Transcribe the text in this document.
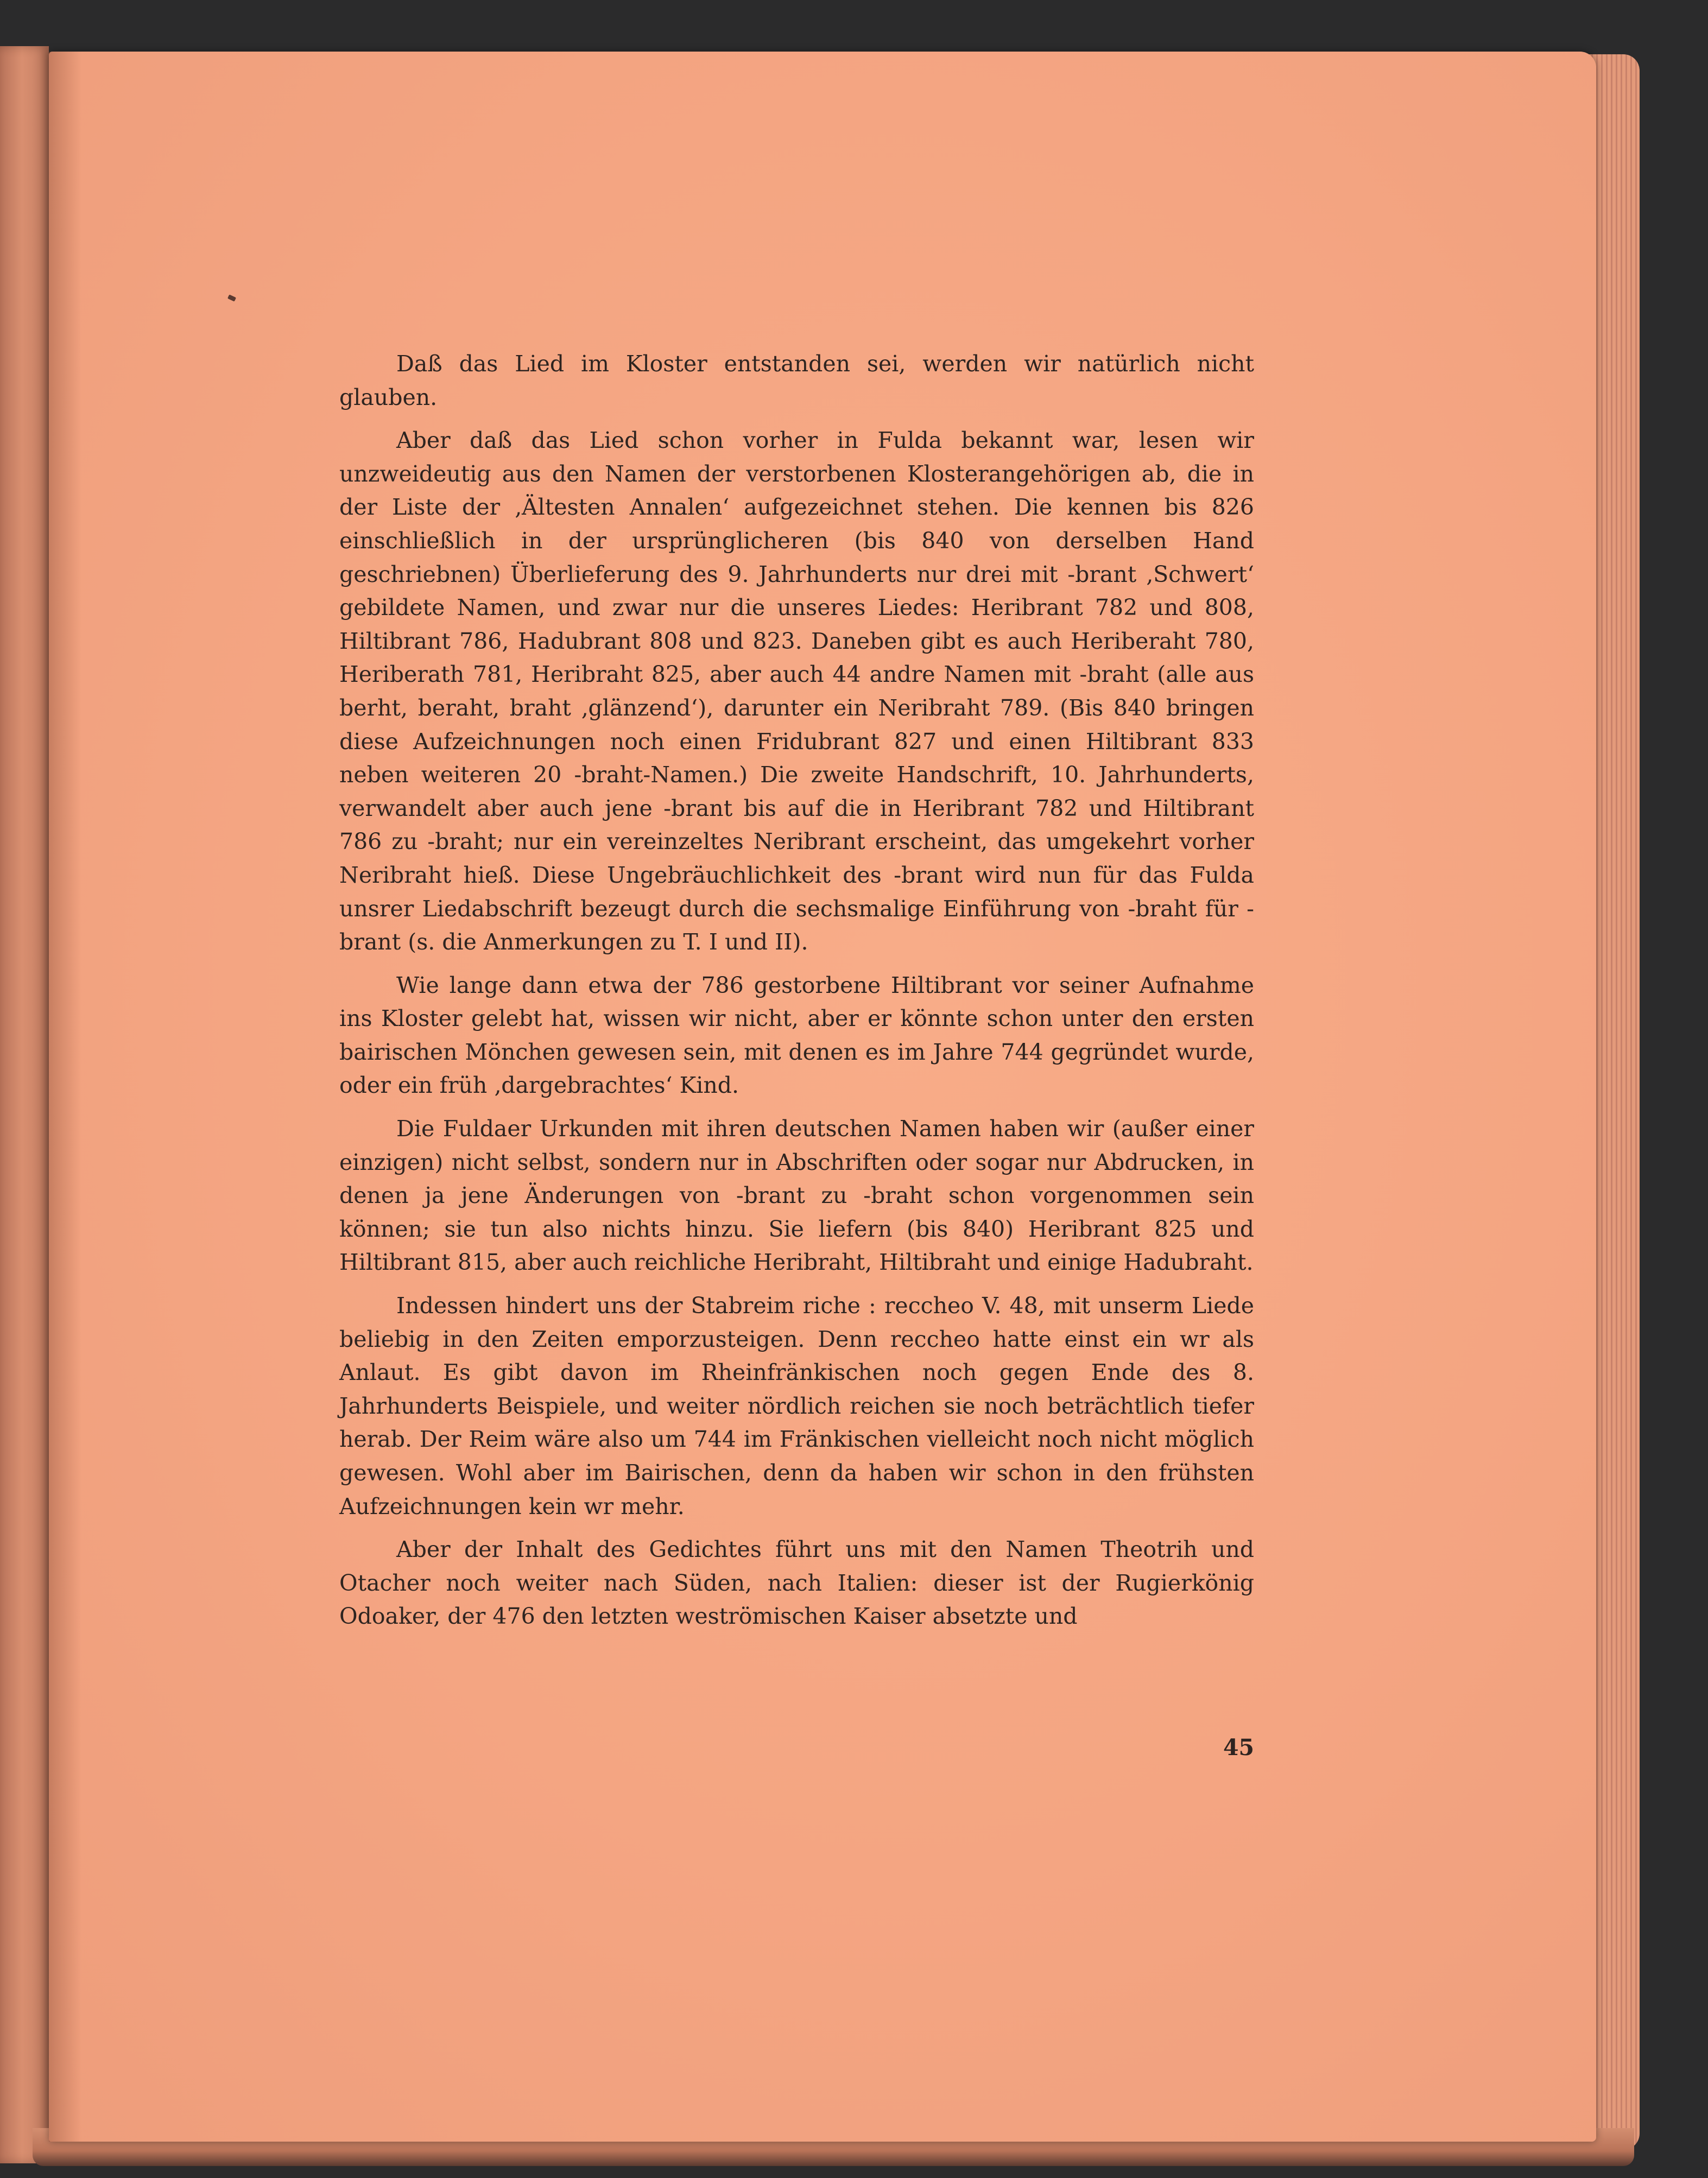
Daß das Lied im Kloster entstanden sei, werden wir natürlich nicht glauben.

Aber daß das Lied schon vorher in Fulda bekannt war, lesen wir unzweideutig aus den Namen der verstorbenen Klosterangehörigen ab, die in der Liste der ‚Ältesten Annalen‘ aufgezeichnet stehen. Die kennen bis 826 einschließlich in der ursprünglicheren (bis 840 von derselben Hand geschriebnen) Überlieferung des 9. Jahrhunderts nur drei mit -brant ‚Schwert‘ gebildete Namen, und zwar nur die unseres Liedes: Heribrant 782 und 808, Hiltibrant 786, Hadubrant 808 und 823. Daneben gibt es auch Heriberaht 780, Heriberath 781, Heribraht 825, aber auch 44 andre Namen mit -braht (alle aus berht, beraht, braht ‚glänzend‘), darunter ein Neribraht 789. (Bis 840 bringen diese Aufzeichnungen noch einen Fridubrant 827 und einen Hiltibrant 833 neben weiteren 20 -braht-Namen.) Die zweite Handschrift, 10. Jahrhunderts, verwandelt aber auch jene -brant bis auf die in Heribrant 782 und Hiltibrant 786 zu -braht; nur ein vereinzeltes Neribrant erscheint, das umgekehrt vorher Neribraht hieß. Diese Ungebräuchlichkeit des -brant wird nun für das Fulda unsrer Liedabschrift bezeugt durch die sechsmalige Einführung von -braht für -brant (s. die Anmerkungen zu T. I und II).

Wie lange dann etwa der 786 gestorbene Hiltibrant vor seiner Aufnahme ins Kloster gelebt hat, wissen wir nicht, aber er könnte schon unter den ersten bairischen Mönchen gewesen sein, mit denen es im Jahre 744 gegründet wurde, oder ein früh ‚dargebrachtes‘ Kind.

Die Fuldaer Urkunden mit ihren deutschen Namen haben wir (außer einer einzigen) nicht selbst, sondern nur in Abschriften oder sogar nur Abdrucken, in denen ja jene Änderungen von -brant zu -braht schon vorgenommen sein können; sie tun also nichts hinzu. Sie liefern (bis 840) Heribrant 825 und Hiltibrant 815, aber auch reichliche Heribraht, Hiltibraht und einige Hadubraht.

Indessen hindert uns der Stabreim riche : reccheo V. 48, mit unserm Liede beliebig in den Zeiten emporzusteigen. Denn reccheo hatte einst ein wr als Anlaut. Es gibt davon im Rheinfränkischen noch gegen Ende des 8. Jahrhunderts Beispiele, und weiter nördlich reichen sie noch beträchtlich tiefer herab. Der Reim wäre also um 744 im Fränkischen vielleicht noch nicht möglich gewesen. Wohl aber im Bairischen, denn da haben wir schon in den frühsten Aufzeichnungen kein wr mehr.

Aber der Inhalt des Gedichtes führt uns mit den Namen Theotrih und Otacher noch weiter nach Süden, nach Italien: dieser ist der Rugierkönig Odoaker, der 476 den letzten weströmischen Kaiser absetzte und

45
